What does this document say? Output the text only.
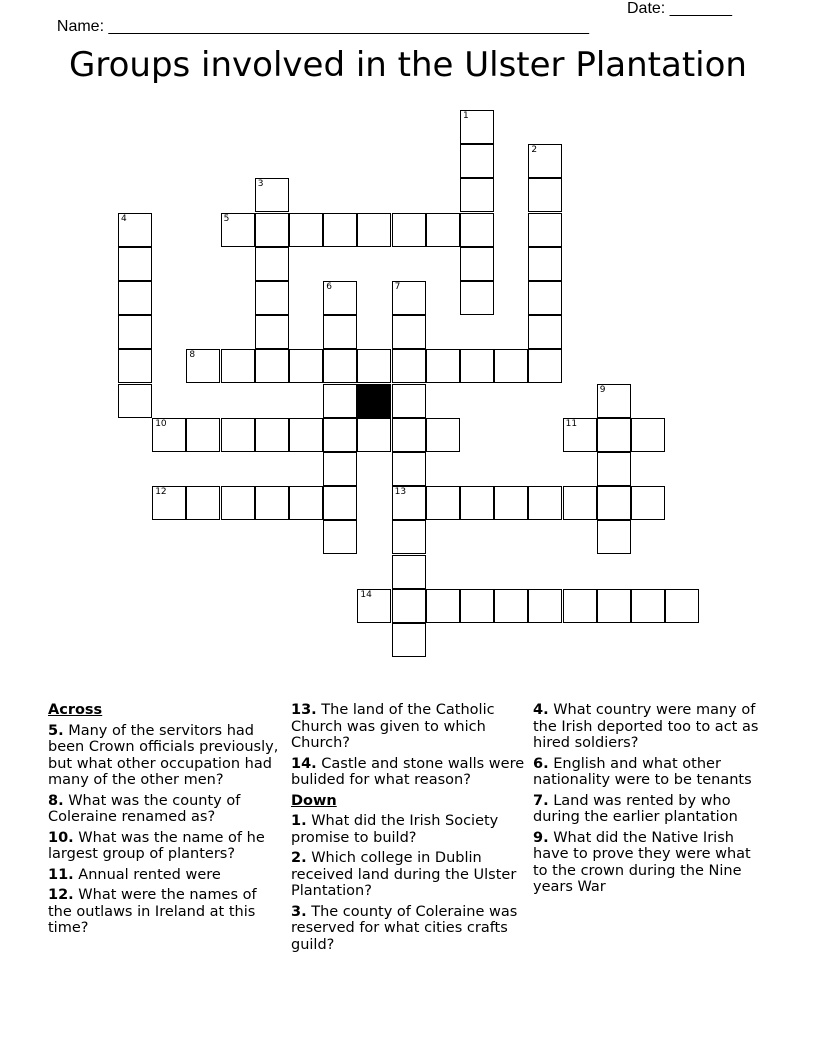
Name: ______________________________________________________

Date: _______

Groups involved in the Ulster Plantation
1
2
3
4	5
6	7
13
8
9
10	11
12
14
Across
5. Many of the servitors had been Crown officials previously, but what other occupation had many of the other men?
8. What was the county of Coleraine renamed as?
10. What was the name of he largest group of planters?
11. Annual rented were
12. What were the names of the outlaws in Ireland at this time?
13. The land of the Catholic Church was given to which Church?
14. Castle and stone walls were bulided for what reason?
Down
1. What did the Irish Society promise to build?
2. Which college in Dublin received land during the Ulster Plantation?
3. The county of Coleraine was reserved for what cities crafts guild?
4. What country were many of the Irish deported too to act as hired soldiers?
6. English and what other nationality were to be tenants
7. Land was rented by who during the earlier plantation
9. What did the Native Irish have to prove they were what to the crown during the Nine years War
